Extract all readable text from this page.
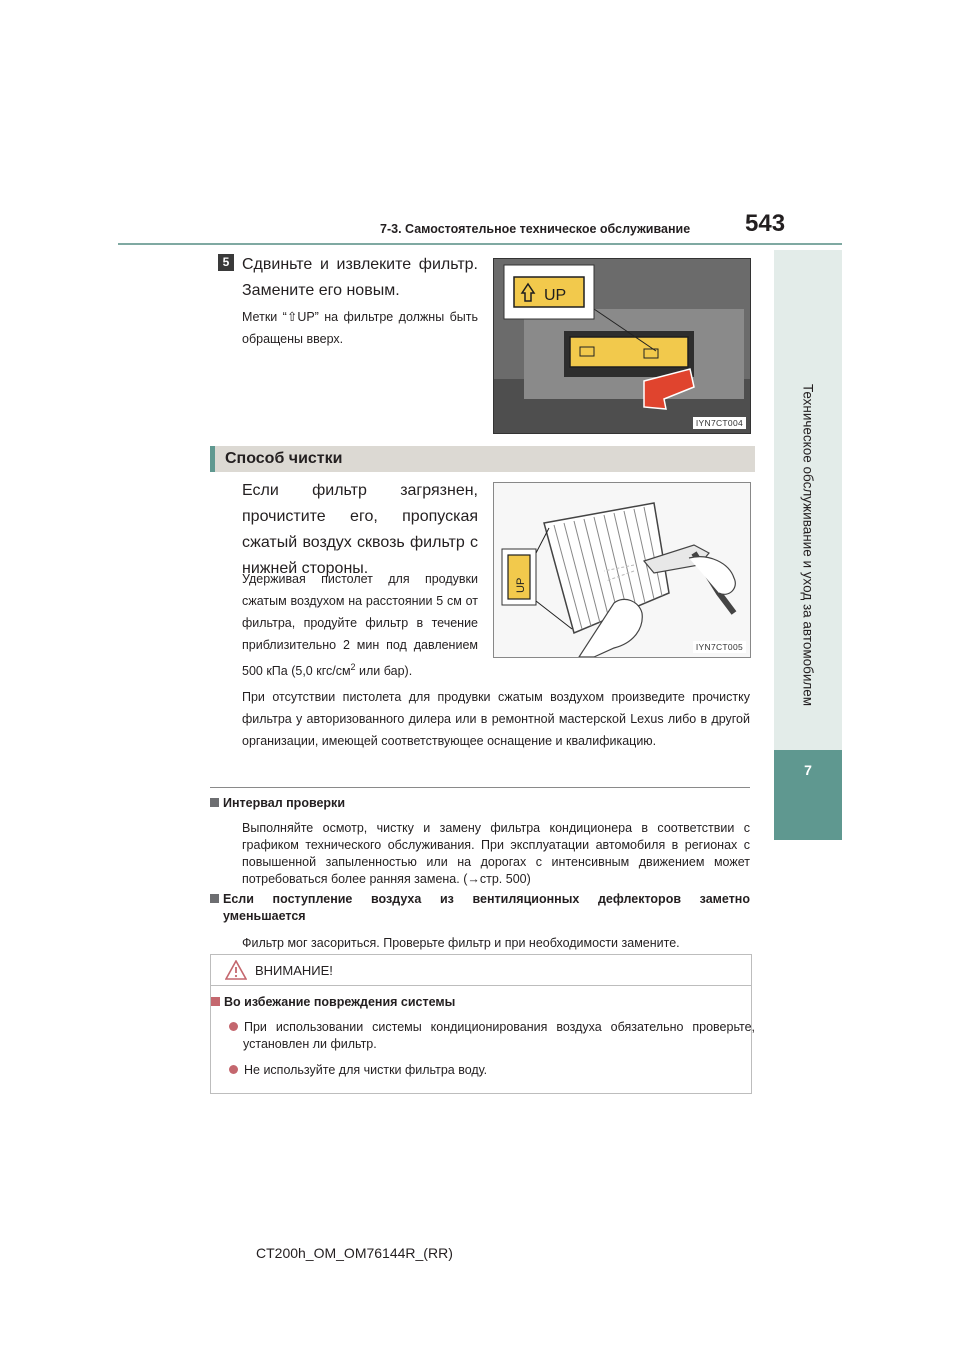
7-3. Самостоятельное техническое обслуживание 543
Техническое обслуживание и уход за автомобилем
7
5 Сдвиньте и извлеките фильтр. Замените его новым.
Метки “⇧UP” на фильтре должны быть обращены вверх.
UP
IYN7CT004
Способ чистки
Если фильтр загрязнен, прочистите его, пропуская сжатый воздух сквозь фильтр с нижней стороны.
Удерживая пистолет для продувки сжатым воздухом на расстоянии 5 см от фильтра, продуйте фильтр в течение приблизительно 2 мин под давлением 500 кПа (5,0 кгс/$см^2$ или бар).
UP
IYN7CT005
При отсутствии пистолета для продувки сжатым воздухом произведите прочистку фильтра у авторизованного дилера или в ремонтной мастерской Lexus либо в другой организации, имеющей соответствующее оснащение и квалификацию.
Интервал проверки
Выполняйте осмотр, чистку и замену фильтра кондиционера в соответствии с графиком технического обслуживания. При эксплуатации автомобиля в регионах с повышенной запыленностью или на дорогах с интенсивным движением может потребоваться более ранняя замена. (→стр. 500)
Если поступление воздуха из вентиляционных дефлекторов заметно уменьшается
Фильтр мог засориться. Проверьте фильтр и при необходимости замените.
ВНИМАНИЕ!
Во избежание повреждения системы
При использовании системы кондиционирования воздуха обязательно проверьте, установлен ли фильтр.
Не используйте для чистки фильтра воду.
CT200h_OM_OM76144R_(RR)
